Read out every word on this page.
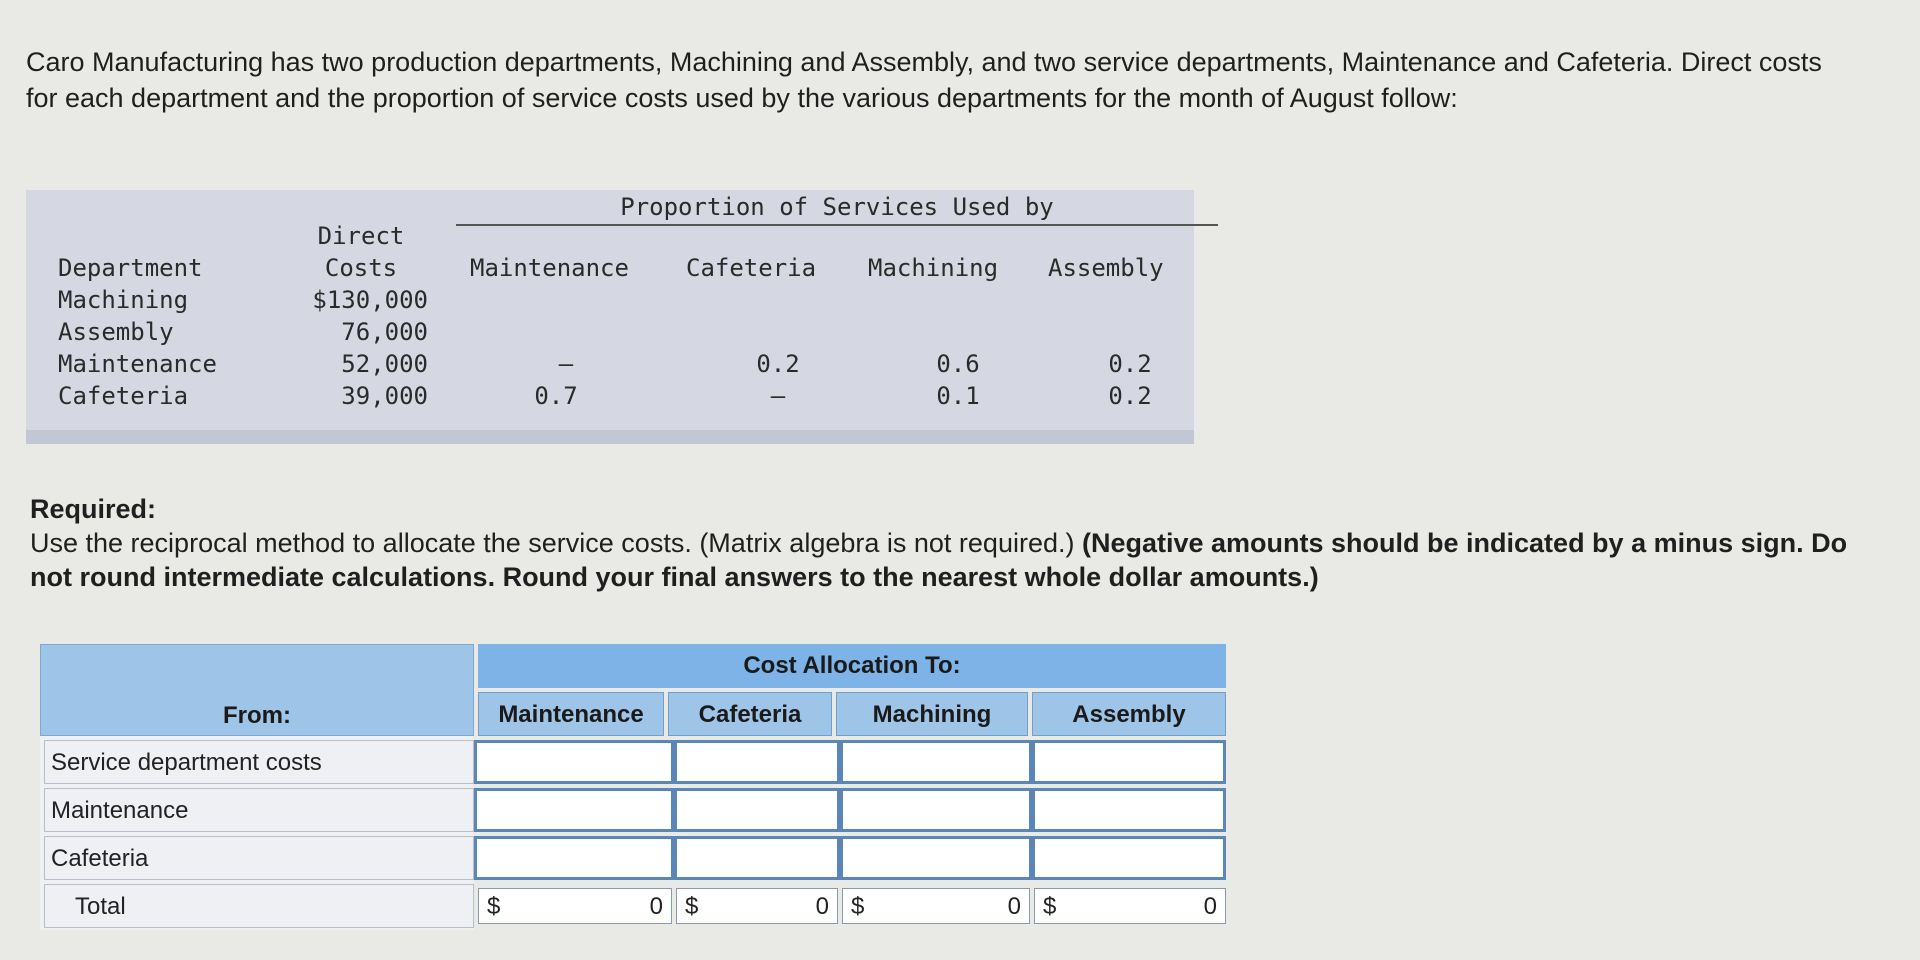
Caro Manufacturing has two production departments, Machining and Assembly, and two service departments, Maintenance and Cafeteria. Direct costs for each department and the proportion of service costs used by the various departments for the month of August follow:
Proportion of Services Used by
Department
Direct
Costs	Maintenance Cafeteria Machining Assembly
Machining	$130,000
Assembly	76,000
Maintenance	52,000	–	0.2	0.6	0.2
Cafeteria	39,000	0.7	–	0.1	0.2
Required:
Use the reciprocal method to allocate the service costs. (Matrix algebra is not required.) (Negative amounts should be indicated by a minus sign. Do not round intermediate calculations. Round your final answers to the nearest whole dollar amounts.)
From:
Cost Allocation To:
Maintenance	Cafeteria	Machining	Assembly
Service department costs
Maintenance
Cafeteria
Total	$	0 $	0 $	0 $	0
